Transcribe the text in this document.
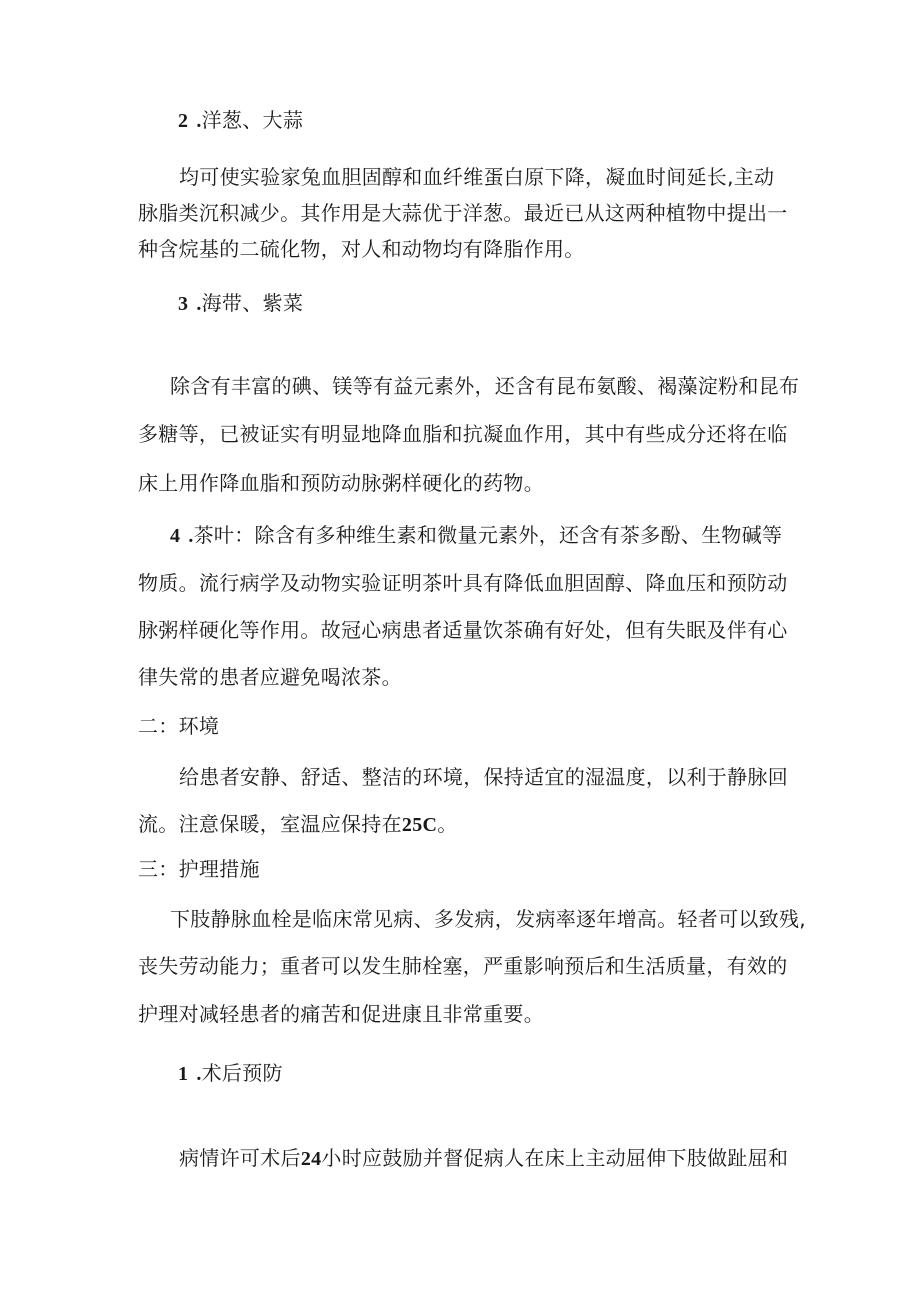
2 .洋葱、大蒜
均可使实验家兔血胆固醇和血纤维蛋白原下降，凝血时间延长,主动
脉脂类沉积减少。其作用是大蒜优于洋葱。最近已从这两种植物中提出一
种含烷基的二硫化物，对人和动物均有降脂作用。
3 .海带、紫菜
除含有丰富的碘、镁等有益元素外，还含有昆布氨酸、褐藻淀粉和昆布
多糖等，已被证实有明显地降血脂和抗凝血作用，其中有些成分还将在临
床上用作降血脂和预防动脉粥样硬化的药物。
4 .茶叶：除含有多种维生素和微量元素外，还含有茶多酚、生物碱等
物质。流行病学及动物实验证明茶叶具有降低血胆固醇、降血压和预防动
脉粥样硬化等作用。故冠心病患者适量饮茶确有好处，但有失眠及伴有心
律失常的患者应避免喝浓茶。
二：环境
给患者安静、舒适、整洁的环境，保持适宜的湿温度，以利于静脉回
流。注意保暖，室温应保持在25C。
三：护理措施
下肢静脉血栓是临床常见病、多发病，发病率逐年增高。轻者可以致残,
丧失劳动能力；重者可以发生肺栓塞，严重影响预后和生活质量，有效的
护理对减轻患者的痛苦和促进康且非常重要。
1 .术后预防
病情许可术后24小时应鼓励并督促病人在床上主动屈伸下肢做趾屈和
